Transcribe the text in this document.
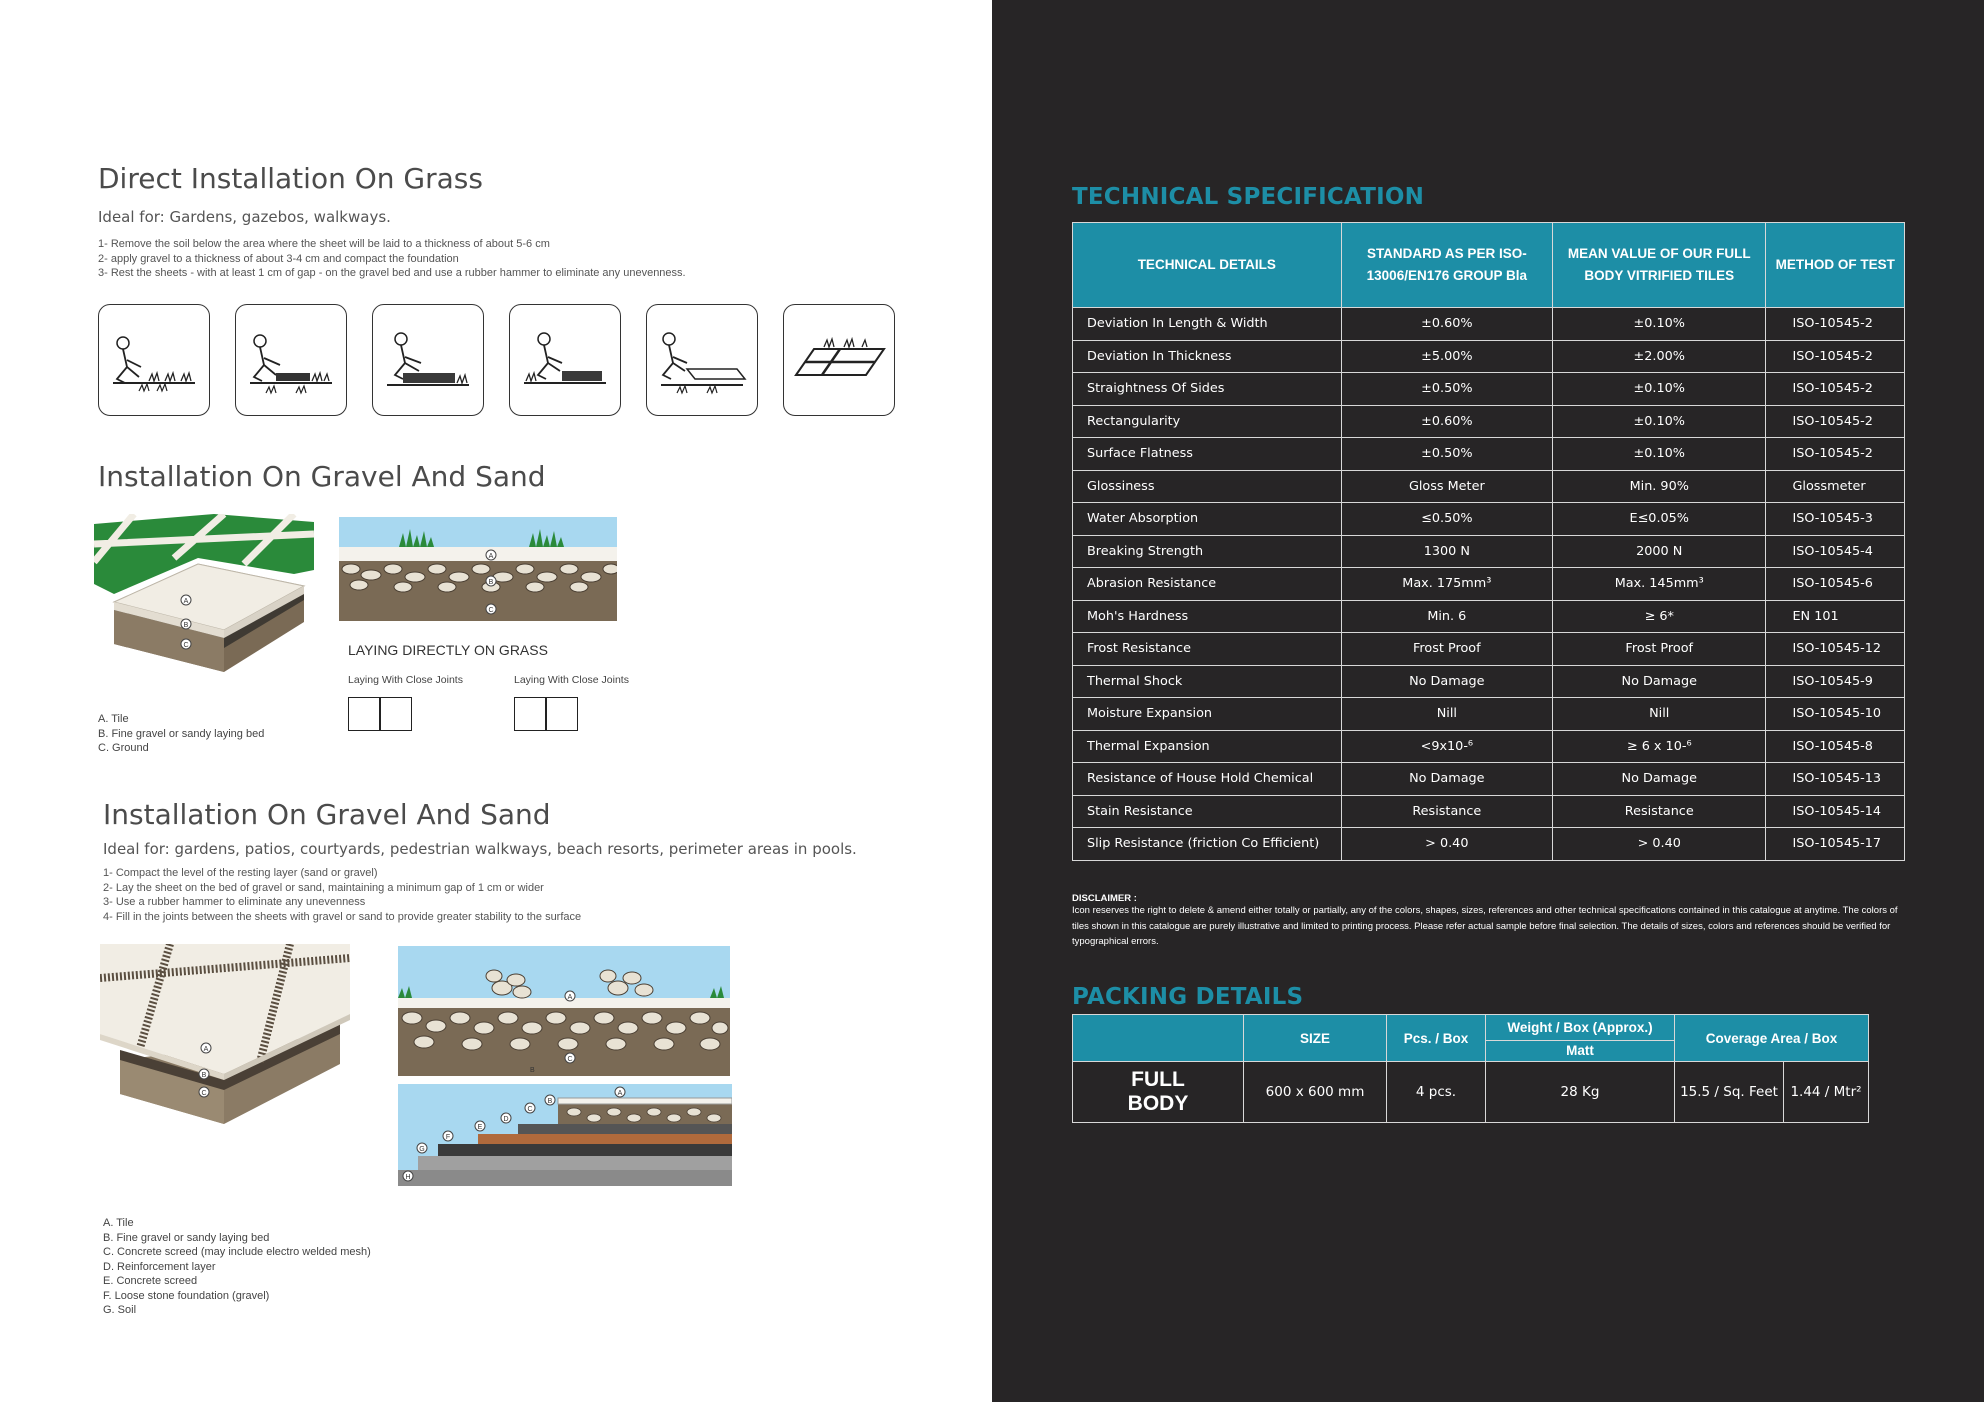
Direct Installation On Grass
Ideal for: Gardens, gazebos, walkways.
1- Remove the soil below the area where the sheet will be laid to a thickness of about 5-6 cm
2- apply gravel to a thickness of about 3-4 cm and compact the foundation
3- Rest the sheets - with at least 1 cm of gap - on the gravel bed and use a rubber hammer to eliminate any unevenness.
Installation On Gravel And Sand
A
B
C
A
B
C
LAYING DIRECTLY ON GRASS
Laying With Close Joints	Laying With Close Joints
A. Tile
B. Fine gravel or sandy laying bed
C. Ground
Installation On Gravel And Sand
Ideal for: gardens, patios, courtyards, pedestrian walkways, beach resorts, perimeter areas in pools.
1- Compact the level of the resting layer (sand or gravel)
2- Lay the sheet on the bed of gravel or sand, maintaining a minimum gap of 1 cm or wider
3- Use a rubber hammer to eliminate any unevenness
4- Fill in the joints between the sheets with gravel or sand to provide greater stability to the surface
A
B
C
A
C
B
A
B
C
D
E
F
G
H
A. Tile
B. Fine gravel or sandy laying bed
C. Concrete screed (may include electro welded mesh)
D. Reinforcement layer
E. Concrete screed
F. Loose stone foundation (gravel)
G. Soil
TECHNICAL SPECIFICATION
TECHNICAL DETAILS	STANDARD AS PER ISO-13006/EN176 GROUP Bla	MEAN VALUE OF OUR FULL BODY VITRIFIED TILES	METHOD OF TEST
Deviation In Length & Width	±0.60%	±0.10%	ISO-10545-2
Deviation In Thickness	±5.00%	±2.00%	ISO-10545-2
Straightness Of Sides	±0.50%	±0.10%	ISO-10545-2
Rectangularity	±0.60%	±0.10%	ISO-10545-2
Surface Flatness	±0.50%	±0.10%	ISO-10545-2
Glossiness	Gloss Meter	Min. 90%	Glossmeter
Water Absorption	≤0.50%	E≤0.05%	ISO-10545-3
Breaking Strength	1300 N	2000 N	ISO-10545-4
Abrasion Resistance	Max. 175mm³	Max. 145mm³	ISO-10545-6
Moh's Hardness	Min. 6	≥ 6*	EN 101
Frost Resistance	Frost Proof	Frost Proof	ISO-10545-12
Thermal Shock	No Damage	No Damage	ISO-10545-9
Moisture Expansion	Nill	Nill	ISO-10545-10
Thermal Expansion	<9x10-⁶	≥ 6 x 10-⁶	ISO-10545-8
Resistance of House Hold Chemical	No Damage	No Damage	ISO-10545-13
Stain Resistance	Resistance	Resistance	ISO-10545-14
Slip Resistance (friction Co Efficient)	> 0.40	> 0.40	ISO-10545-17
DISCLAIMER :
Icon reserves the right to delete & amend either totally or partially, any of the colors, shapes, sizes, references and other technical specifications contained in this catalogue at anytime. The colors of tiles shown in this catalogue are purely illustrative and limited to printing process. Please refer actual sample before final selection. The details of sizes, colors and references should be verified for typographical errors.
PACKING DETAILS
	SIZE	Pcs. / Box	Weight / Box (Approx.)	Coverage Area / Box	
			Matt		
FULL BODY	600 x 600 mm	4 pcs.	28 Kg	15.5 / Sq. Feet	1.44 / Mtr²
